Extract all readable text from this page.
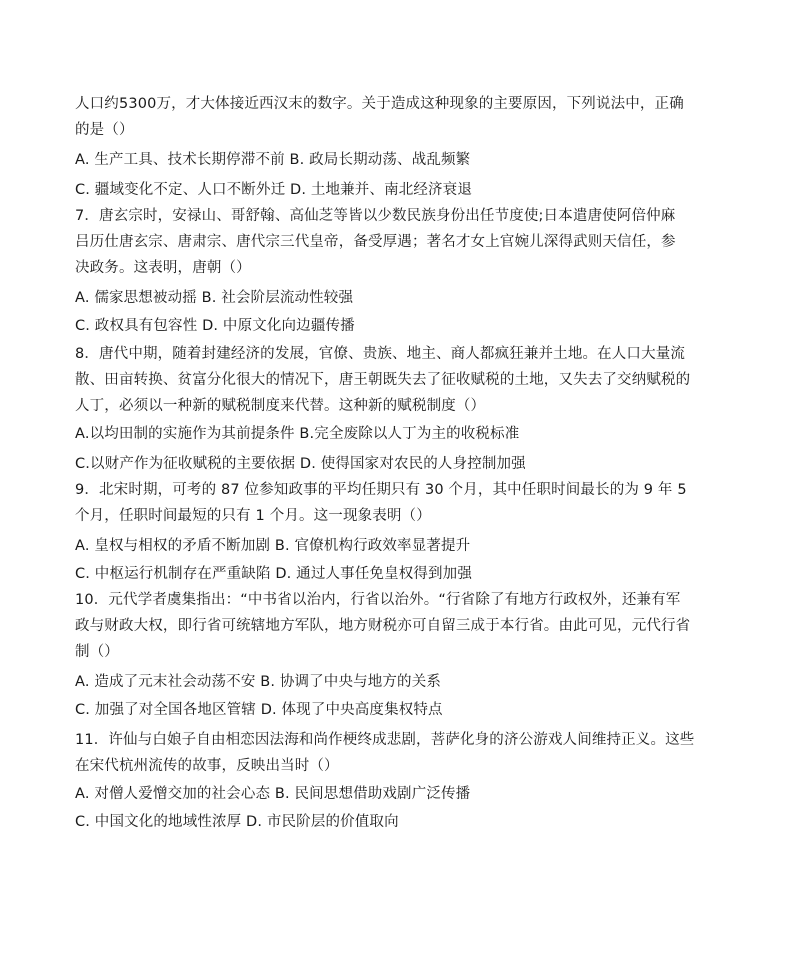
人口约5300万，才大体接近西汉末的数字。关于造成这种现象的主要原因，下列说法中，正确
的是（）
A. 生产工具、技术长期停滞不前 B. 政局长期动荡、战乱频繁
C. 疆域变化不定、人口不断外迁 D. 土地兼并、南北经济衰退
7．唐玄宗时，安禄山、哥舒翰、高仙芝等皆以少数民族身份出任节度使;日本遣唐使阿倍仲麻
吕历仕唐玄宗、唐肃宗、唐代宗三代皇帝，备受厚遇；著名才女上官婉儿深得武则天信任，参
决政务。这表明，唐朝（）
A. 儒家思想被动摇 B. 社会阶层流动性较强
C. 政权具有包容性 D. 中原文化向边疆传播
8．唐代中期，随着封建经济的发展，官僚、贵族、地主、商人都疯狂兼并土地。在人口大量流
散、田亩转换、贫富分化很大的情况下，唐王朝既失去了征收赋税的土地，又失去了交纳赋税的
人丁，必须以一种新的赋税制度来代替。这种新的赋税制度（）
A.以均田制的实施作为其前提条件 B.完全废除以人丁为主的收税标准
C.以财产作为征收赋税的主要依据 D. 使得国家对农民的人身控制加强
9．北宋时期，可考的 87 位参知政事的平均任期只有 30 个月，其中任职时间最长的为 9 年 5
个月，任职时间最短的只有 1 个月。这一现象表明（）
A. 皇权与相权的矛盾不断加剧 B. 官僚机构行政效率显著提升
C. 中枢运行机制存在严重缺陷 D. 通过人事任免皇权得到加强
10．元代学者虞集指出：“中书省以治内，行省以治外。“行省除了有地方行政权外，还兼有军
政与财政大权，即行省可统辖地方军队，地方财税亦可自留三成于本行省。由此可见，元代行省
制（）
A. 造成了元末社会动荡不安 B. 协调了中央与地方的关系
C. 加强了对全国各地区管辖 D. 体现了中央高度集权特点
11．许仙与白娘子自由相恋因法海和尚作梗终成悲剧，菩萨化身的济公游戏人间维持正义。这些
在宋代杭州流传的故事，反映出当时（）
A. 对僧人爱憎交加的社会心态 B. 民间思想借助戏剧广泛传播
C. 中国文化的地域性浓厚 D. 市民阶层的价值取向
